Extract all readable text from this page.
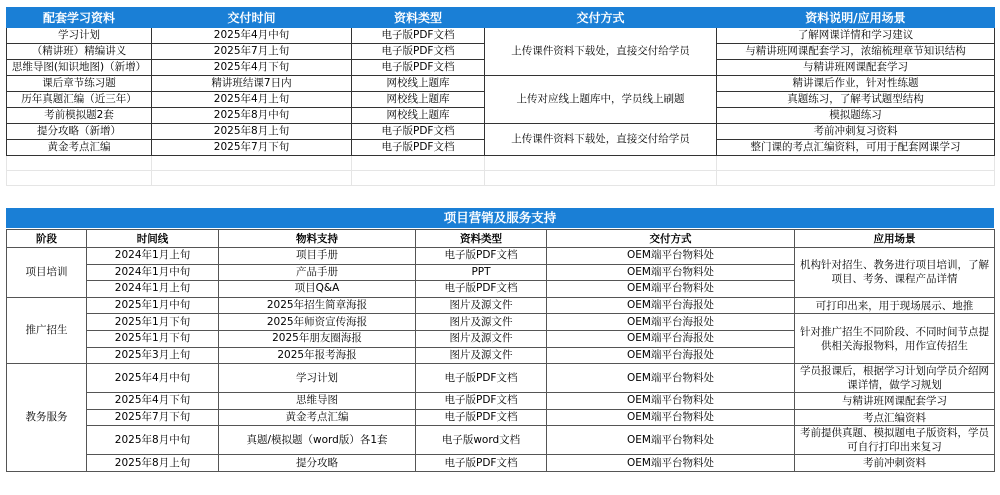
配套学习资料	交付时间	资料类型	交付方式	资料说明/应用场景
学习计划	2025年4月中旬	电子版PDF文档	上传课件资料下载处，直接交付给学员	了解网课详情和学习建议
（精讲班）精编讲义	2025年7月上旬	电子版PDF文档		与精讲班网课配套学习，浓缩梳理章节知识结构
思维导图(知识地图)（新增）	2025年4月下旬	电子版PDF文档		与精讲班网课配套学习
课后章节练习题	精讲班结课7日内	网校线上题库	上传对应线上题库中，学员线上刷题	精讲课后作业，针对性练题
历年真题汇编（近三年）	2025年4月上旬	网校线上题库		真题练习，了解考试题型结构
考前模拟题2套	2025年8月中旬	网校线上题库		模拟题练习
提分攻略（新增）	2025年8月上旬	电子版PDF文档	上传课件资料下载处，直接交付给学员	考前冲刺复习资料
黄金考点汇编	2025年7月下旬	电子版PDF文档		整门课的考点汇编资料，可用于配套网课学习

项目营销及服务支持
阶段	时间线	物料支持	资料类型	交付方式	应用场景
项目培训	2024年1月上旬	项目手册	电子版PDF文档	OEM端平台物料处	机构针对招生、教务进行项目培训，了解项目、考务、课程产品详情
	2024年1月中旬	产品手册	PPT	OEM端平台物料处	
	2024年1月上旬	项目Q&A	电子版PDF文档	OEM端平台物料处	
推广招生	2025年1月中旬	2025年招生简章海报	图片及源文件	OEM端平台海报处	可打印出来，用于现场展示、地推
	2025年1月下旬	2025年师资宣传海报	图片及源文件	OEM端平台海报处	针对推广招生不同阶段、不同时间节点提供相关海报物料，用作宣传招生
	2025年1月下旬	2025年朋友圈海报	图片及源文件	OEM端平台海报处	
	2025年3月上旬	2025年报考海报	图片及源文件	OEM端平台海报处	
教务服务	2025年4月中旬	学习计划	电子版PDF文档	OEM端平台物料处	学员报课后，根据学习计划向学员介绍网课详情，做学习规划
	2025年4月下旬	思维导图	电子版PDF文档	OEM端平台物料处	与精讲班网课配套学习
	2025年7月下旬	黄金考点汇编	电子版PDF文档	OEM端平台物料处	考点汇编资料
	2025年8月中旬	真题/模拟题（word版）各1套	电子版word文档	OEM端平台物料处	考前提供真题、模拟题电子版资料，学员可自行打印出来复习
	2025年8月上旬	提分攻略	电子版PDF文档	OEM端平台物料处	考前冲刺资料
